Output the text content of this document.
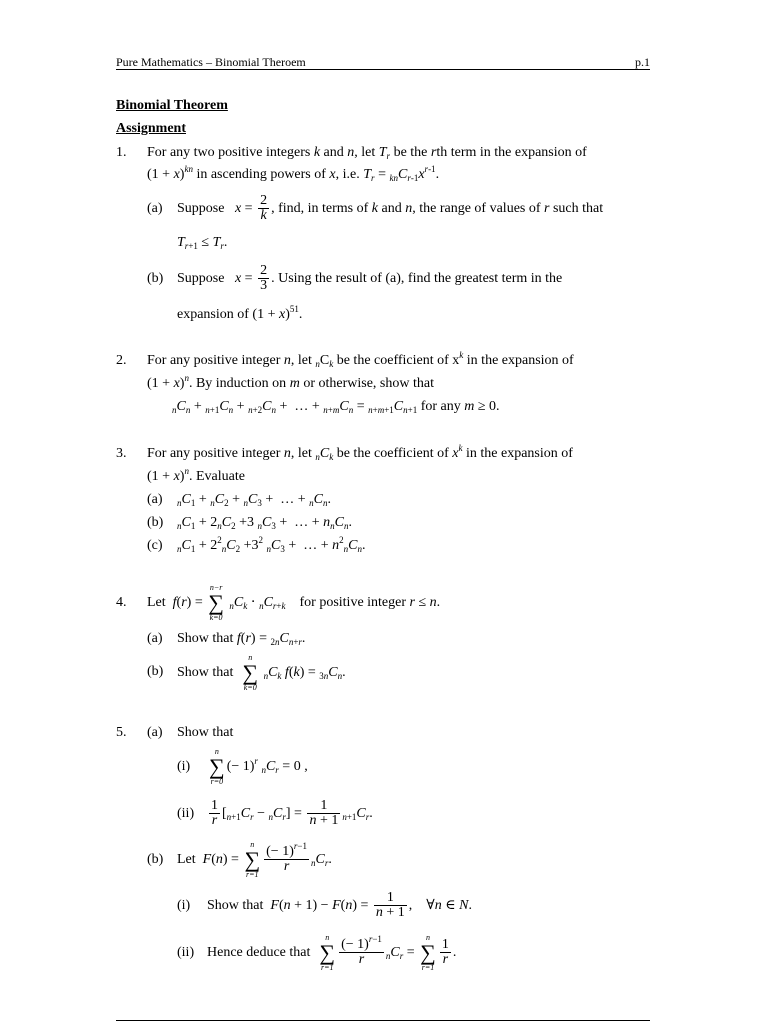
Pure Mathematics – Binomial Theroem	p.1
Binomial Theorem
Assignment
1. For any two positive integers k and n, let $T_r$ be the rth term in the expansion of
$(1 + x)^{kn}$ in ascending powers of x, i.e. $T_r = _{kn}C_{r-1}x^{r-1}$.
(a) Suppose $x = \frac{2}{k}$ , find, in terms of k and n, the range of values of r such that
$T_{r+1} \le T_r$.
(b) Suppose $x = \frac{2}{3}$ . Using the result of (a), find the greatest term in the
expansion of $(1 + x)^{51}$.
2. For any positive integer n, let $_nC_k$ be the coefficient of $x^k$ in the expansion of
$(1 + x)^n$. By induction on m or otherwise, show that
$_nC_n + _{n+1}C_n + _{n+2}C_n$ +  … + $_{n+m}C_n = _{n+m+1}C_{n+1}$ for any m ≥ 0.
3. For any positive integer n, let $_nC_k$ be the coefficient of $x^k$ in the expansion of
$(1 + x)^n$. Evaluate
(a) $_nC_1 + _nC_2 + _nC_3$ +  … + $_nC_n$.
(b) $_nC_1 + 2_nC_2 +3$ $_nC_3$ +  … + $n_nC_n$.
(c) $_nC_1 + 2^2_nC_2 +3^2$ $_nC_3$ +  … + $n^2_nC_n$.
4. Let f(r) =
n−r
∑
k=0
$_nC_k \cdot _nC_{r+k}$ for positive integer r ≤ n.
(a) Show that $f(r) = _{2n}C_{n+r}$.
(b) Show that
n
∑
k=0
$_nC_k$ $f(k) = _{3n}C_n$.
5. (a) Show that
(i)
n
∑
r=0
(− 1)$^r$ $_nC_r = 0$ ,
$(ii) \frac{1}{r} [_{n+1}C_r - _nC_r] = \frac{1}{n + 1} _{n+1}C_r$.
(b) Let F(n) =
n
∑
$r=1 \frac{(- 1)^{r-1}}{r} _nC_r$.
(i) Show that $F(n + 1) - F(n) = \frac{1}{n + 1}$ ,    ∀n ∈ N.
(ii) Hence deduce that
n
∑
$r=1 \frac{(- 1)^{r-1}}{r} _nC_r$ =
n
∑
$r=1 \frac{1}{r}$ .
